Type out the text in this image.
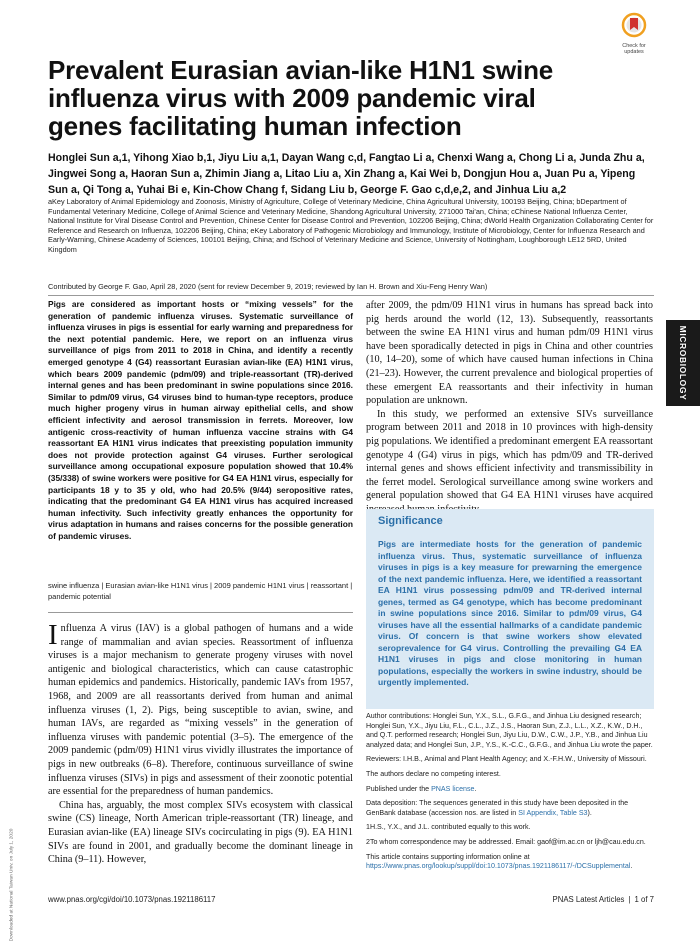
Check for updates
Prevalent Eurasian avian-like H1N1 swine influenza virus with 2009 pandemic viral genes facilitating human infection
Honglei Sun a,1, Yihong Xiao b,1, Jiyu Liu a,1, Dayan Wang c,d, Fangtao Li a, Chenxi Wang a, Chong Li a, Junda Zhu a, Jingwei Song a, Haoran Sun a, Zhimin Jiang a, Litao Liu a, Xin Zhang a, Kai Wei b, Dongjun Hou a, Juan Pu a, Yipeng Sun a, Qi Tong a, Yuhai Bi e, Kin-Chow Chang f, Sidang Liu b, George F. Gao c,d,e,2, and Jinhua Liu a,2
aKey Laboratory of Animal Epidemiology and Zoonosis, Ministry of Agriculture, College of Veterinary Medicine, China Agricultural University, 100193 Beijing, China; bDepartment of Fundamental Veterinary Medicine, College of Animal Science and Veterinary Medicine, Shandong Agricultural University, 271000 Tai'an, China; cChinese National Influenza Center, National Institute for Viral Disease Control and Prevention, Chinese Center for Disease Control and Prevention, 102206 Beijing, China; dWorld Health Organization Collaborating Center for Reference and Research on Influenza, 102206 Beijing, China; eKey Laboratory of Pathogenic Microbiology and Immunology, Institute of Microbiology, Center for Influenza Research and Early-Warning, Chinese Academy of Sciences, 100101 Beijing, China; and fSchool of Veterinary Medicine and Science, University of Nottingham, Loughborough LE12 5RD, United Kingdom
Contributed by George F. Gao, April 28, 2020 (sent for review December 9, 2019; reviewed by Ian H. Brown and Xiu-Feng Henry Wan)
Pigs are considered as important hosts or “mixing vessels” for the generation of pandemic influenza viruses. Systematic surveillance of influenza viruses in pigs is essential for early warning and preparedness for the next potential pandemic. Here, we report on an influenza virus surveillance of pigs from 2011 to 2018 in China, and identify a recently emerged genotype 4 (G4) reassortant Eurasian avian-like (EA) H1N1 virus, which bears 2009 pandemic (pdm/09) and triple-reassortant (TR)-derived internal genes and has been predominant in swine populations since 2016. Similar to pdm/09 virus, G4 viruses bind to human-type receptors, produce much higher progeny virus in human airway epithelial cells, and show efficient infectivity and aerosol transmission in ferrets. Moreover, low antigenic cross-reactivity of human influenza vaccine strains with G4 reassortant EA H1N1 virus indicates that preexisting population immunity does not provide protection against G4 viruses. Further serological surveillance among occupational exposure population showed that 10.4% (35/338) of swine workers were positive for G4 EA H1N1 virus, especially for participants 18 y to 35 y old, who had 20.5% (9/44) seropositive rates, indicating that the predominant G4 EA H1N1 virus has acquired increased human infectivity. Such infectivity greatly enhances the opportunity for virus adaptation in humans and raises concerns for the possible generation of pandemic viruses.
swine influenza | Eurasian avian-like H1N1 virus | 2009 pandemic H1N1 virus | reassortant | pandemic potential

Influenza A virus (IAV) is a global pathogen of humans and a wide range of mammalian and avian species. Reassortment of influenza viruses is a major mechanism to generate progeny viruses with novel antigenic and biological characteristics, which can cause catastrophic human epidemics and pandemics. Historically, pandemic IAVs from 1957, 1968, and 2009 are all reassortants derived from human and animal influenza viruses (1, 2). Pigs, being susceptible to avian, swine, and human IAVs, are regarded as “mixing vessels” in the generation of influenza viruses with pandemic potential (3–5). The emergence of the 2009 pandemic (pdm/09) H1N1 virus vividly illustrates the importance of pigs in new outbreaks (6–8). Therefore, continuous surveillance of swine influenza viruses (SIVs) in pigs and assessment of their zoonotic potential are essential for the preparedness of human pandemics.

China has, arguably, the most complex SIVs ecosystem with classical swine (CS) lineage, North American triple-reassortant (TR) lineage, and Eurasian avian-like (EA) lineage SIVs cocirculating in pigs (9). EA H1N1 SIVs are found in 2001, and gradually become the dominant lineage in China (9–11). However,

after 2009, the pdm/09 H1N1 virus in humans has spread back into pig herds around the world (12, 13). Subsequently, reassortants between the swine EA H1N1 virus and human pdm/09 H1N1 virus have been sporadically detected in pigs in China and other countries (10, 14–20), some of which have caused human infections in China (21–23). However, the current prevalence and biological properties of these emergent EA reassortants and their infectivity in human population are unknown.

In this study, we performed an extensive SIVs surveillance program between 2011 and 2018 in 10 provinces with high-density pig populations. We identified a predominant emergent EA reassortant genotype 4 (G4) virus in pigs, which has pdm/09 and TR-derived internal genes and shows efficient infectivity and transmissibility in the ferret model. Serological surveillance among swine workers and general population showed that G4 EA H1N1 viruses have acquired

Significance
Pigs are intermediate hosts for the generation of pandemic influenza virus. Thus, systematic surveillance of influenza viruses in pigs is a key measure for prewarning the emergence of the next pandemic influenza. Here, we identified a reassortant EA H1N1 virus possessing pdm/09 and TR-derived internal genes, termed as G4 genotype, which has become predominant in swine populations since 2016. Similar to pdm/09 virus, G4 viruses have all the essential hallmarks of a candidate pandemic virus. Of concern is that swine workers show elevated seroprevalence for G4 virus. Controlling the prevailing G4 EA H1N1 viruses in pigs and close monitoring in human populations, especially the workers in swine industry, should be urgently implemented.

Author contributions: Honglei Sun, Y.X., S.L., G.F.G., and Jinhua Liu designed research; Honglei Sun, Y.X., Jiyu Liu, F.L., C.L., J.Z., J.S., Haoran Sun, Z.J., L.L., X.Z., K.W., D.H., and Q.T. performed research; Honglei Sun, Jiyu Liu, D.W., C.W., J.P., Y.B., and Jinhua Liu analyzed data; and Honglei Sun, J.P., Y.S., K.-C.C., G.F.G., and Jinhua Liu wrote the paper.

Reviewers: I.H.B., Animal and Plant Health Agency; and X.-F.H.W., University of Missouri.

The authors declare no competing interest.

Published under the PNAS license.

Data deposition: The sequences generated in this study have been deposited in the GenBank database (accession nos. are listed in SI Appendix, Table S3).

1H.S., Y.X., and J.L. contributed equally to this work.

2To whom correspondence may be addressed. Email: gaof@im.ac.cn or ljh@cau.edu.cn.

This article contains supporting information online at https://www.pnas.org/lookup/suppl/doi:10.1073/pnas.1921186117/-/DCSupplemental.

MICROBIOLOGY
Downloaded at National Taiwan Univ. on July 1, 2020	www.pnas.org/cgi/doi/10.1073/pnas.1921186117	PNAS Latest Articles | 1 of 7
